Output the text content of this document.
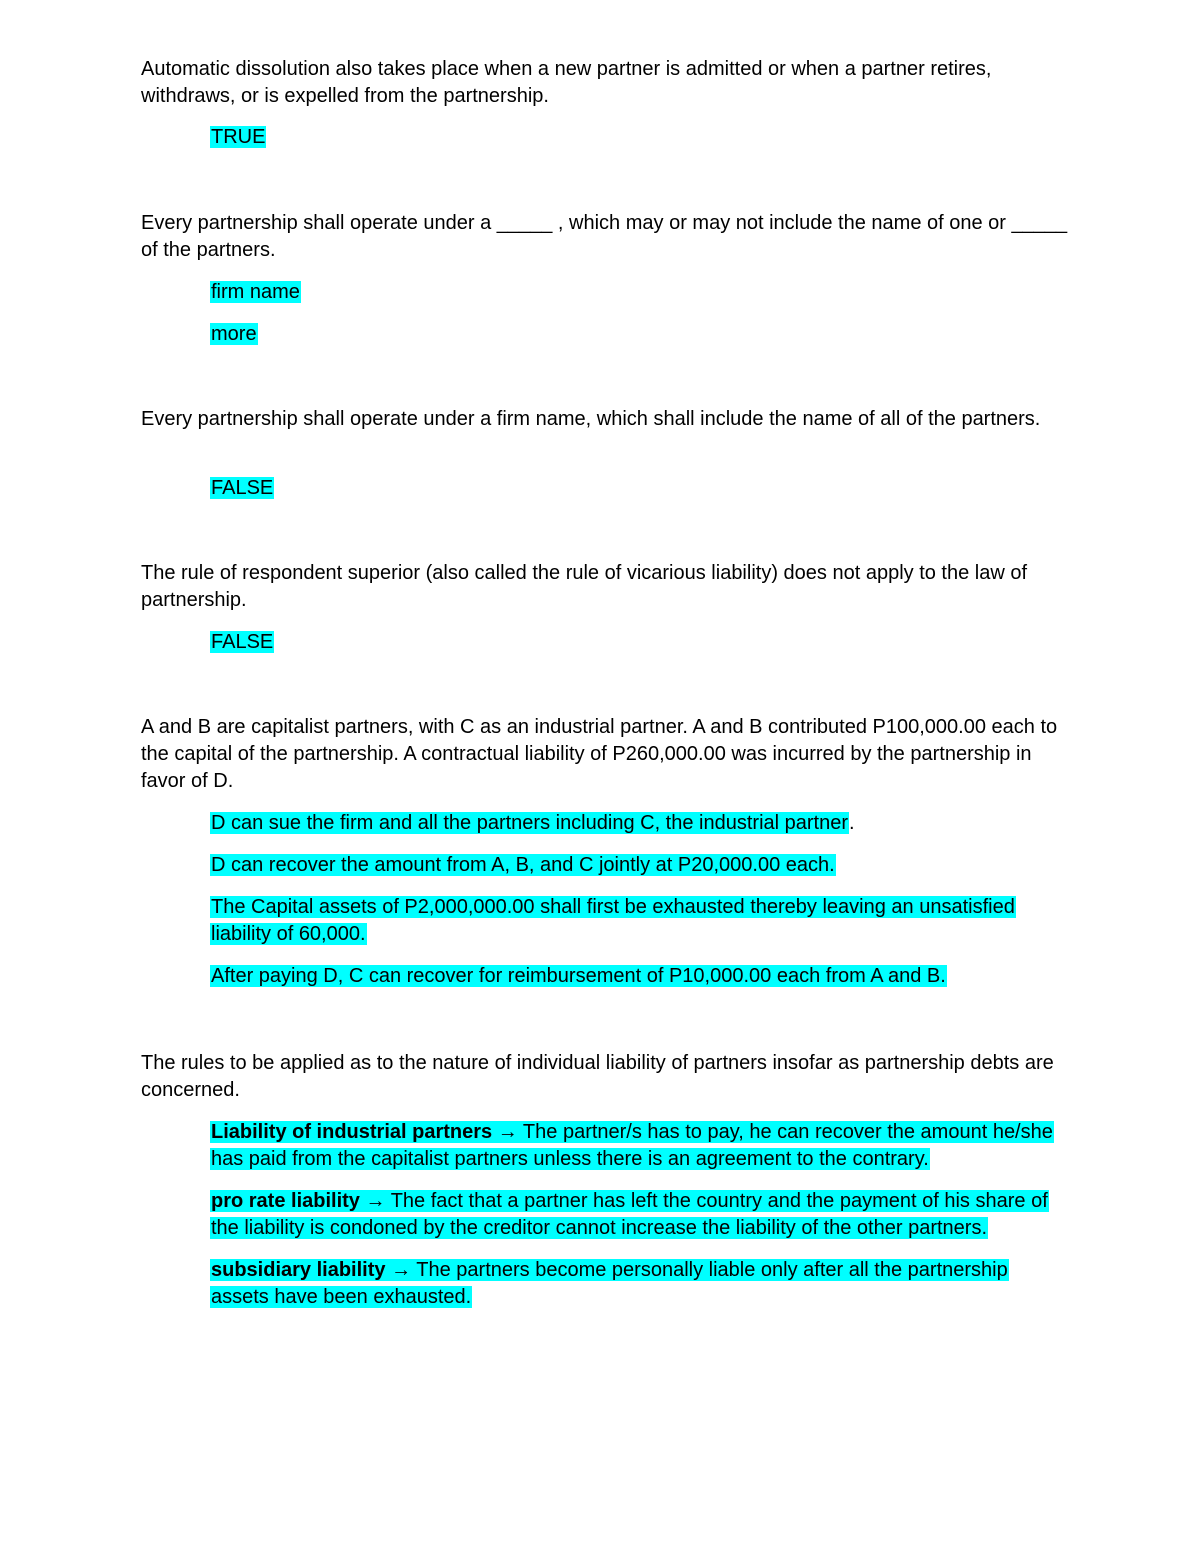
Automatic dissolution also takes place when a new partner is admitted or when a partner retires, withdraws, or is expelled from the partnership.
TRUE
Every partnership shall operate under a _____ , which may or may not include the name of one or _____ of the partners.
firm name
more
Every partnership shall operate under a firm name, which shall include the name of all of the partners.
FALSE
The rule of respondent superior (also called the rule of vicarious liability) does not apply to the law of partnership.
FALSE
A and B are capitalist partners, with C as an industrial partner. A and B contributed P100,000.00 each to the capital of the partnership. A contractual liability of P260,000.00 was incurred by the partnership in favor of D.
D can sue the firm and all the partners including C, the industrial partner.
D can recover the amount from A, B, and C jointly at P20,000.00 each.
The Capital assets of P2,000,000.00 shall first be exhausted thereby leaving an unsatisfied liability of 60,000.
After paying D, C can recover for reimbursement of P10,000.00 each from A and B.
The rules to be applied as to the nature of individual liability of partners insofar as partnership debts are concerned.
Liability of industrial partners → The partner/s has to pay, he can recover the amount he/she has paid from the capitalist partners unless there is an agreement to the contrary.
pro rate liability → The fact that a partner has left the country and the payment of his share of the liability is condoned by the creditor cannot increase the liability of the other partners.
subsidiary liability → The partners become personally liable only after all the partnership assets have been exhausted.
